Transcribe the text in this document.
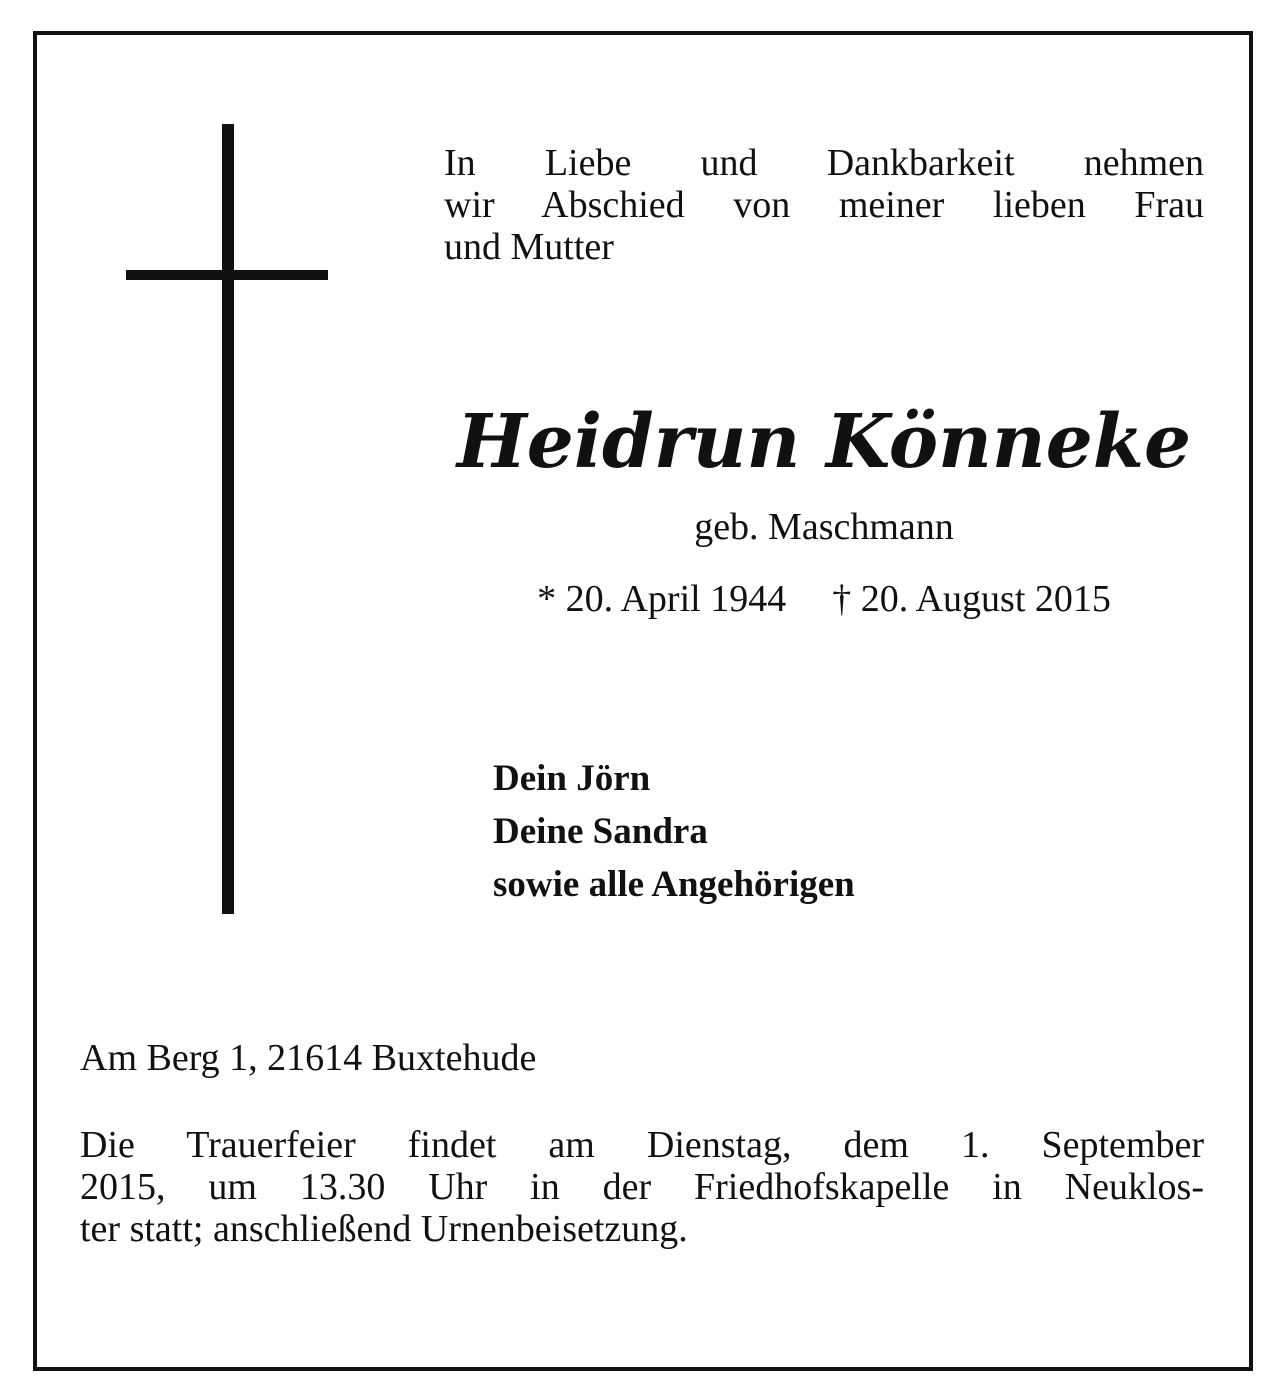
In Liebe und Dankbarkeit nehmen
wir Abschied von meiner lieben Frau
und Mutter

Heidrun Könneke

geb. Maschmann

* 20. April 1944 † 20. August 2015

Dein Jörn
Deine Sandra
sowie alle Angehörigen

Am Berg 1, 21614 Buxtehude

Die Trauerfeier findet am Dienstag, dem 1. September
2015, um 13.30 Uhr in der Friedhofskapelle in Neuklos-
ter statt; anschließend Urnenbeisetzung.
